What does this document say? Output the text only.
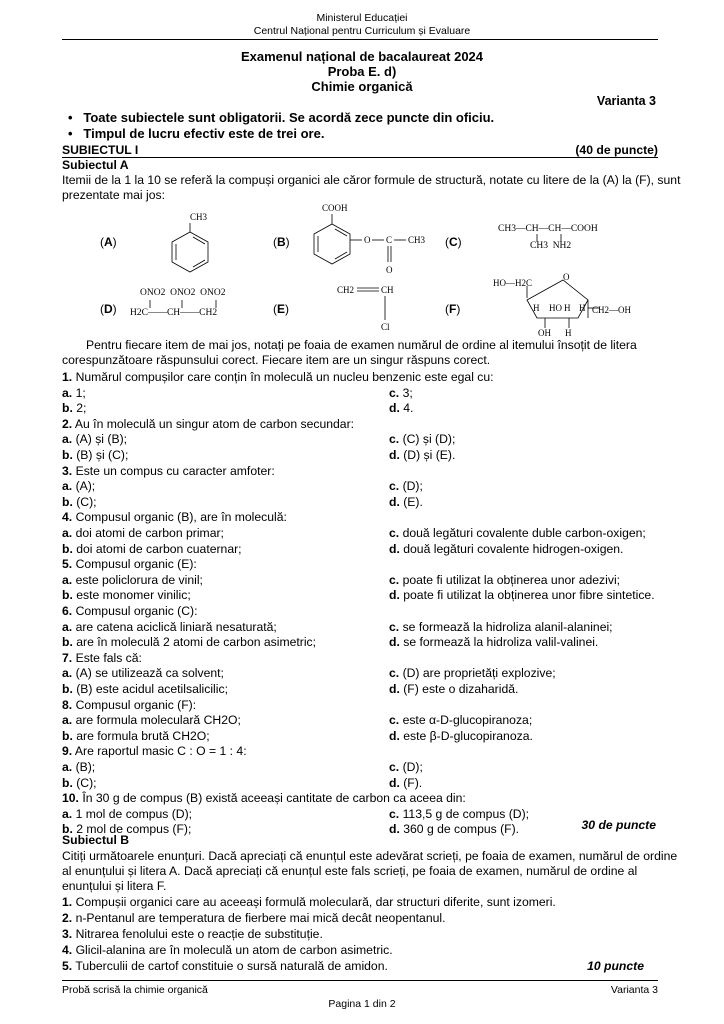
Ministerul Educației
Centrul Național pentru Curriculum și Evaluare
Examenul național de bacalaureat 2024
Proba E. d)
Chimie organică
Varianta 3
•   Toate subiectele sunt obligatorii. Se acordă zece puncte din oficiu.
•   Timpul de lucru efectiv este de trei ore.
SUBIECTUL I	(40 de puncte)
Subiectul A
Itemii de la 1 la 10 se referă la compuși organici ale căror formule de structură, notate cu litere de la (A) la (F), sunt
prezentate mai jos:
(A)	(B)	(C)
(D)	(E)	(F)
CH3
COOH
O C CH3
O
CH3—CH—CH—COOH
CH3  NH2
ONO2  ONO2  ONO2
H2C——CH——CH2
CH2	CH
Cl
HO—H2C
O
H	H
HO H CH2—OH
OH H
Pentru fiecare item de mai jos, notați pe foaia de examen numărul de ordine al itemului însoțit de litera
corespunzătoare răspunsului corect. Fiecare item are un singur răspuns corect.
1. Numărul compușilor care conțin în moleculă un nucleu benzenic este egal cu:
a. 1;	c. 3;
b. 2;	d. 4.
2. Au în moleculă un singur atom de carbon secundar:
a. (A) și (B);	c. (C) și (D);
b. (B) și (C);	d. (D) și (E).
3. Este un compus cu caracter amfoter:
a. (A);	c. (D);
b. (C);	d. (E).
4. Compusul organic (B), are în moleculă:
a. doi atomi de carbon primar;	c. două legături covalente duble carbon-oxigen;
b. doi atomi de carbon cuaternar;	d. două legături covalente hidrogen-oxigen.
5. Compusul organic (E):
a. este policlorura de vinil;	c. poate fi utilizat la obținerea unor adezivi;
b. este monomer vinilic;	d. poate fi utilizat la obținerea unor fibre sintetice.
6. Compusul organic (C):
a. are catena aciclică liniară nesaturată;	c. se formează la hidroliza alanil-alaninei;
b. are în moleculă 2 atomi de carbon asimetric;	d. se formează la hidroliza valil-valinei.
7. Este fals că:
a. (A) se utilizează ca solvent;	c. (D) are proprietăți explozive;
b. (B) este acidul acetilsalicilic;	d. (F) este o dizaharidă.
8. Compusul organic (F):
a. are formula moleculară CH2O;	c. este α-D-glucopiranoza;
b. are formula brută CH2O;	d. este β-D-glucopiranoza.
9. Are raportul masic C : O = 1 : 4:
a. (B);	c. (D);
b. (C);	d. (F).
10. În 30 g de compus (B) există aceeași cantitate de carbon ca aceea din:
a. 1 mol de compus (D);	c. 113,5 g de compus (D);
b. 2 mol de compus (F);	d. 360 g de compus (F).	30 de puncte
Subiectul B
Citiți următoarele enunțuri. Dacă apreciați că enunțul este adevărat scrieți, pe foaia de examen, numărul de ordine
al enunțului și litera A. Dacă apreciați că enunțul este fals scrieți, pe foaia de examen, numărul de ordine al
enunțului și litera F.
1. Compușii organici care au aceeași formulă moleculară, dar structuri diferite, sunt izomeri.
2. n-Pentanul are temperatura de fierbere mai mică decât neopentanul.
3. Nitrarea fenolului este o reacție de substituție.
4. Glicil-alanina are în moleculă un atom de carbon asimetric.
5. Tuberculii de cartof constituie o sursă naturală de amidon.	10 puncte
Probă scrisă la chimie organică	Varianta 3
Pagina 1 din 2
